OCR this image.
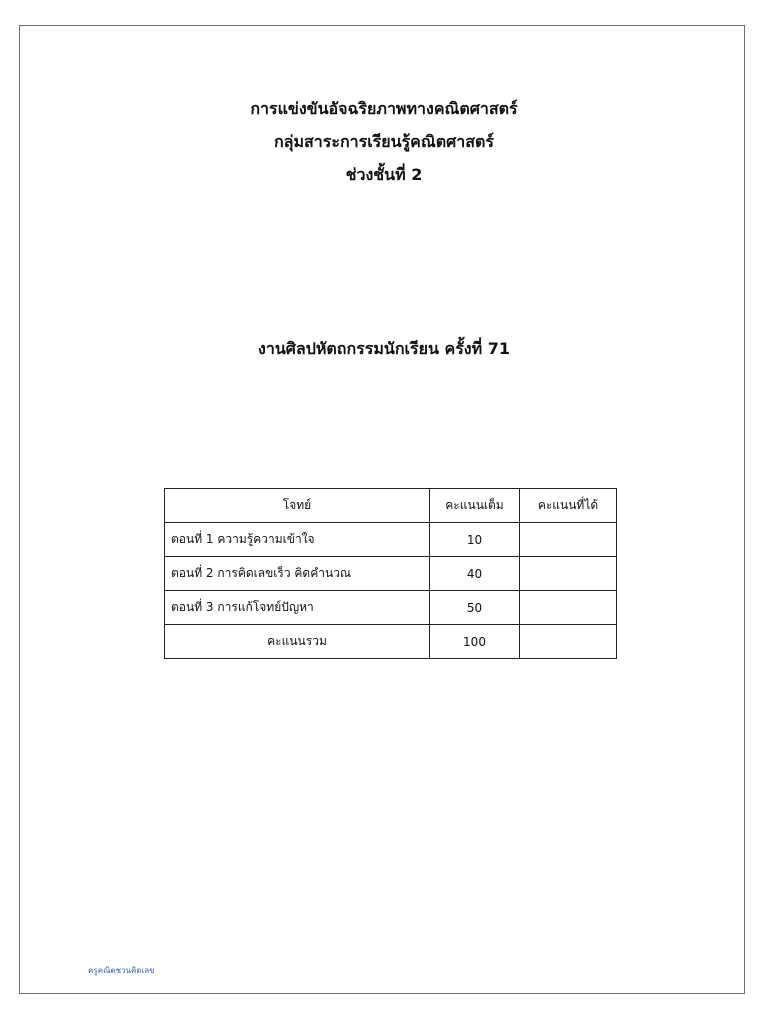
การแข่งขันอัจฉริยภาพทางคณิตศาสตร์
กลุ่มสาระการเรียนรู้คณิตศาสตร์
ช่วงชั้นที่ 2
งานศิลปหัตถกรรมนักเรียน ครั้งที่ 71
โจทย์	คะแนนเต็ม	คะแนนที่ได้
ตอนที่ 1 ความรู้ความเข้าใจ	10	
ตอนที่ 2 การคิดเลขเร็ว คิดคำนวณ	40	
ตอนที่ 3 การแก้โจทย์ปัญหา	50	
คะแนนรวม	100	
ครูคณิตชวนคิดเลข
